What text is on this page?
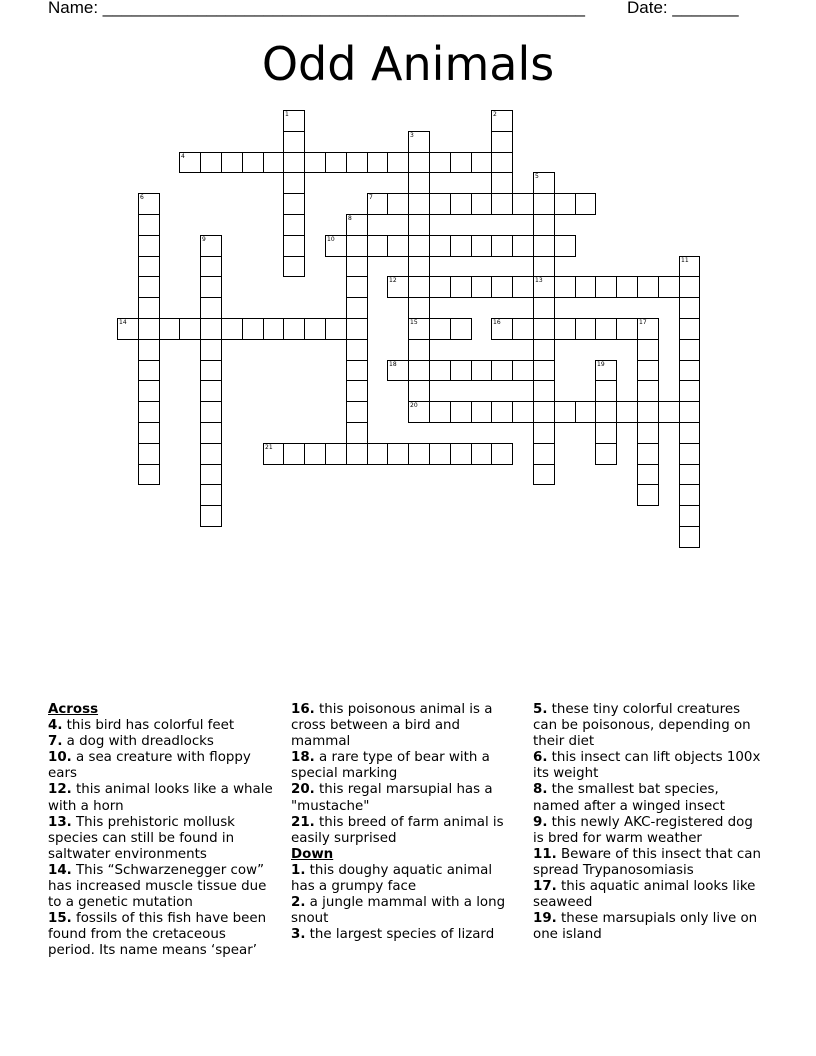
Name: ___________________________________________________ Date: _______
Odd Animals
4
7
10
12	13
14	15	16	17
18
20
21
1	2
3
5
6
8
9
11
19
Across
4. this bird has colorful feet
7. a dog with dreadlocks
10. a sea creature with floppy ears
12. this animal looks like a whale with a horn
13. This prehistoric mollusk species can still be found in saltwater environments
14. This “Schwarzenegger cow” has increased muscle tissue due to a genetic mutation
15. fossils of this fish have been found from the cretaceous period. Its name means ‘spear’
16. this poisonous animal is a cross between a bird and mammal
18. a rare type of bear with a special marking
20. this regal marsupial has a "mustache"
21. this breed of farm animal is easily surprised
Down
1. this doughy aquatic animal has a grumpy face
2. a jungle mammal with a long snout
3. the largest species of lizard
5. these tiny colorful creatures can be poisonous, depending on their diet
6. this insect can lift objects 100x its weight
8. the smallest bat species, named after a winged insect
9. this newly AKC-registered dog is bred for warm weather
11. Beware of this insect that can spread Trypanosomiasis
17. this aquatic animal looks like seaweed
19. these marsupials only live on one island
